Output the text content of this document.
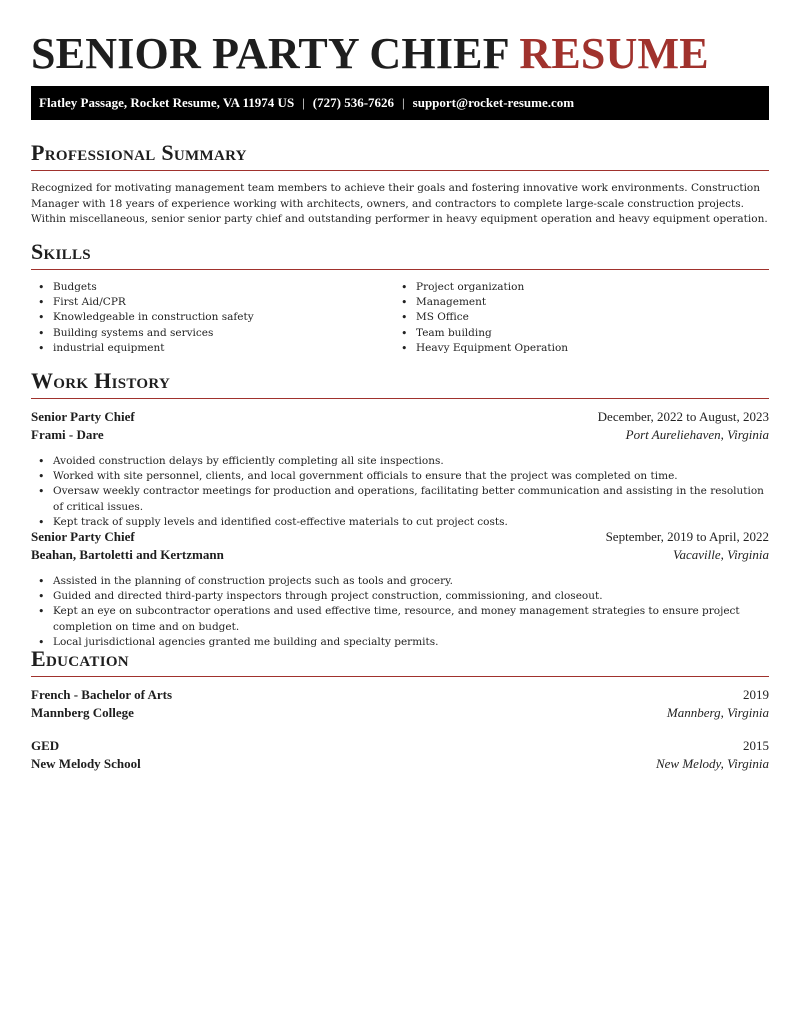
SENIOR PARTY CHIEF RESUME
Flatley Passage, Rocket Resume, VA 11974 US | (727) 536-7626 | support@rocket-resume.com
Professional Summary

Recognized for motivating management team members to achieve their goals and fostering innovative work environments. Construction Manager with 18 years of experience working with architects, owners, and contractors to complete large-scale construction projects. Within miscellaneous, senior senior party chief and outstanding performer in heavy equipment operation and heavy equipment operation.

Skills
• Budgets
• First Aid/CPR
• Knowledgeable in construction safety
• Building systems and services
• industrial equipment
• Project organization
• Management
• MS Office
• Team building
• Heavy Equipment Operation
Work History
Senior Party Chief	December, 2022 to August, 2023
Frami - Dare	Port Aureliehaven, Virginia
• Avoided construction delays by efficiently completing all site inspections.
• Worked with site personnel, clients, and local government officials to ensure that the project was completed on time.
• Oversaw weekly contractor meetings for production and operations, facilitating better communication and assisting in the resolution of critical issues.
• Kept track of supply levels and identified cost-effective materials to cut project costs.
Senior Party Chief	September, 2019 to April, 2022
Beahan, Bartoletti and Kertzmann	Vacaville, Virginia
• Assisted in the planning of construction projects such as tools and grocery.
• Guided and directed third-party inspectors through project construction, commissioning, and closeout.
• Kept an eye on subcontractor operations and used effective time, resource, and money management strategies to ensure project completion on time and on budget.
• Local jurisdictional agencies granted me building and specialty permits.
Education
French - Bachelor of Arts	2019
Mannberg College	Mannberg, Virginia
GED	2015
New Melody School	New Melody, Virginia
